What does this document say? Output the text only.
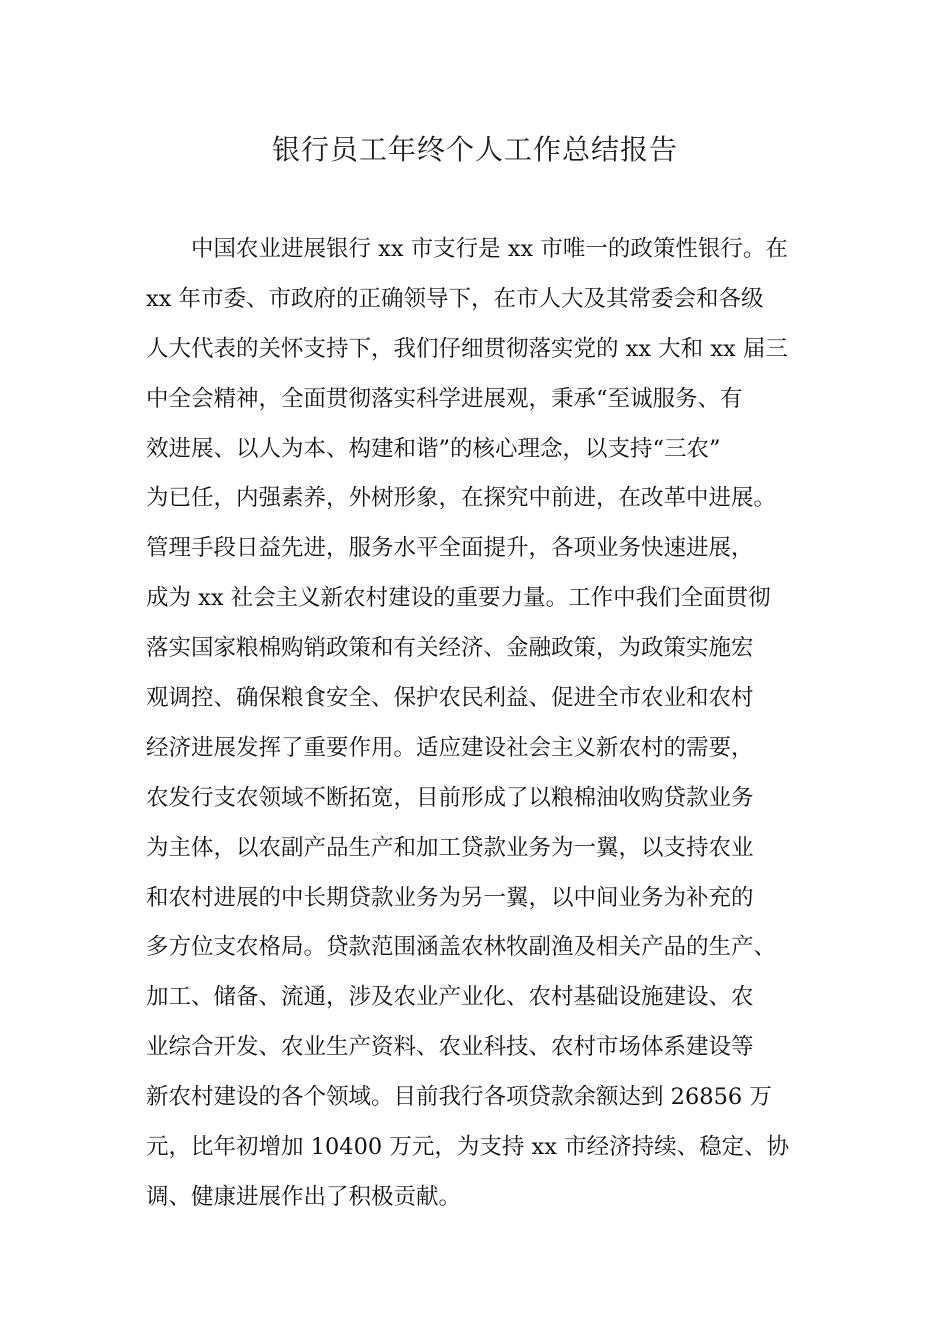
银行员工年终个人工作总结报告
中国农业进展银行 xx 市支行是 xx 市唯一的政策性银行。在
xx 年市委、市政府的正确领导下，在市人大及其常委会和各级
人大代表的关怀支持下，我们仔细贯彻落实党的 xx 大和 xx 届三
中全会精神，全面贯彻落实科学进展观，秉承“至诚服务、有
效进展、以人为本、构建和谐”的核心理念，以支持“三农”
为已任，内强素养，外树形象，在探究中前进，在改革中进展。
管理手段日益先进，服务水平全面提升，各项业务快速进展，
成为 xx 社会主义新农村建设的重要力量。工作中我们全面贯彻
落实国家粮棉购销政策和有关经济、金融政策，为政策实施宏
观调控、确保粮食安全、保护农民利益、促进全市农业和农村
经济进展发挥了重要作用。适应建设社会主义新农村的需要，
农发行支农领域不断拓宽，目前形成了以粮棉油收购贷款业务
为主体，以农副产品生产和加工贷款业务为一翼，以支持农业
和农村进展的中长期贷款业务为另一翼，以中间业务为补充的
多方位支农格局。贷款范围涵盖农林牧副渔及相关产品的生产、
加工、储备、流通，涉及农业产业化、农村基础设施建设、农
业综合开发、农业生产资料、农业科技、农村市场体系建设等
新农村建设的各个领域。目前我行各项贷款余额达到 26856 万
元，比年初增加 10400 万元，为支持 xx 市经济持续、稳定、协
调、健康进展作出了积极贡献。
